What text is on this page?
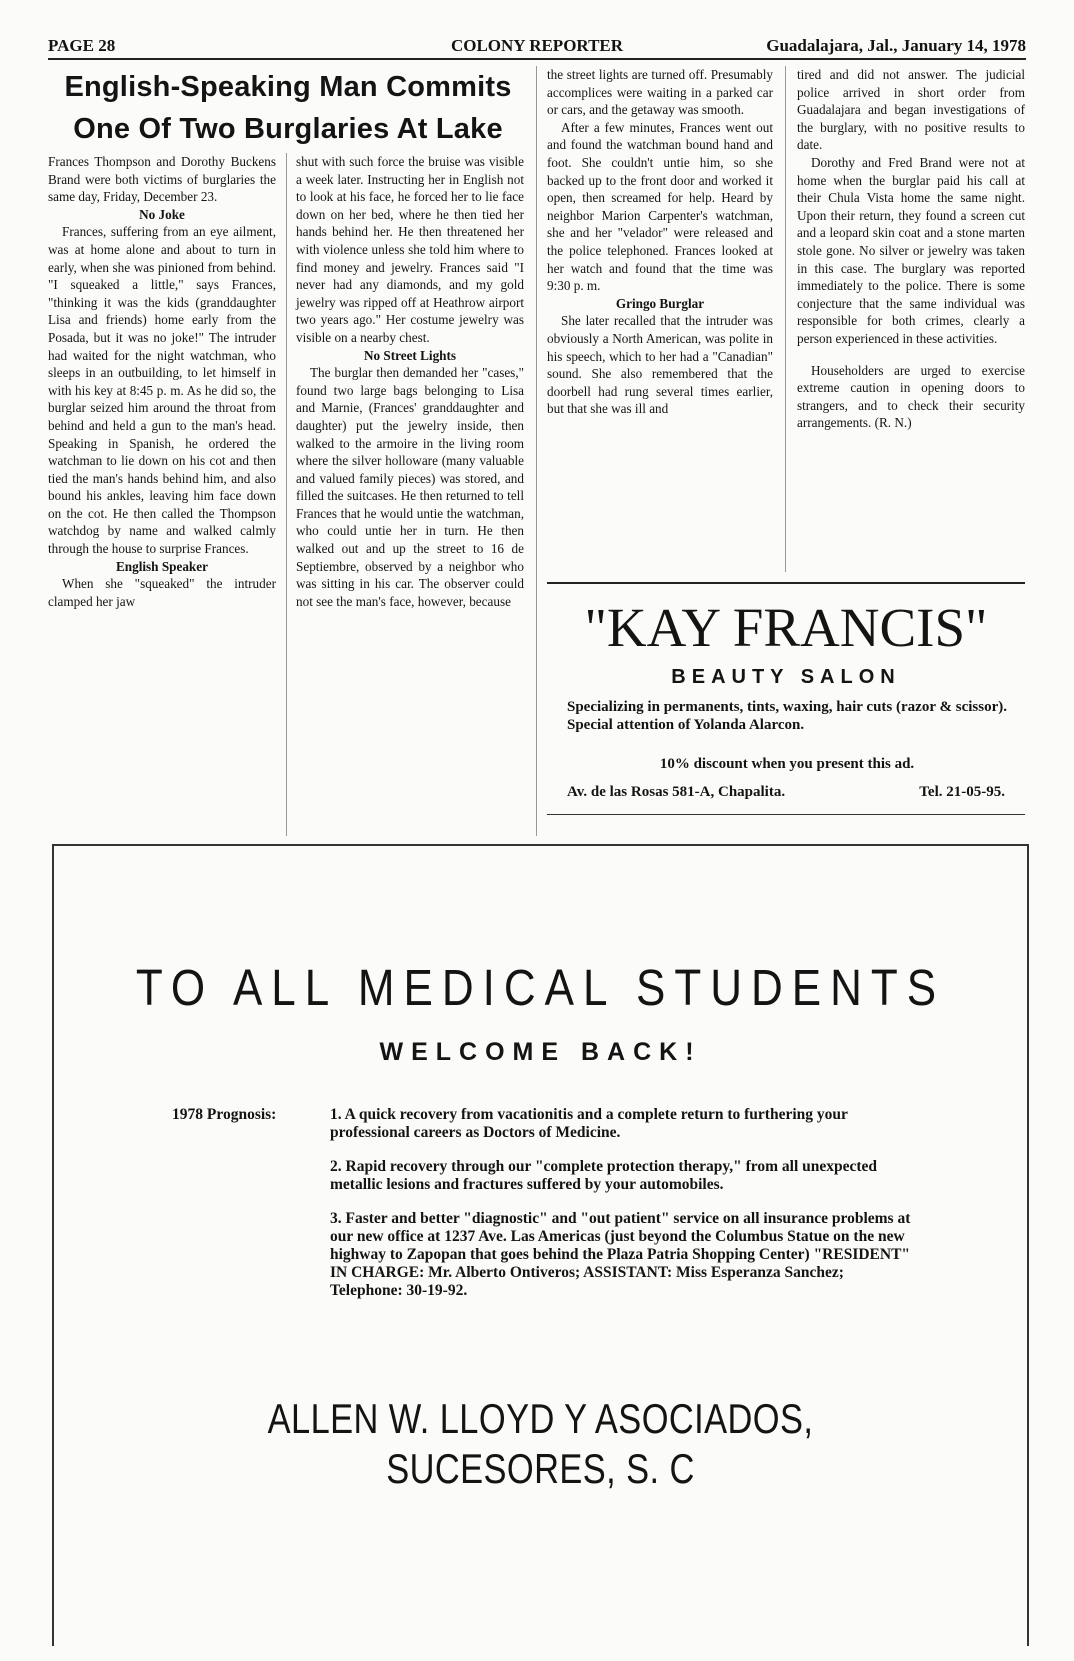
COLONY REPORTER
PAGE 28	Guadalajara, Jal., January 14, 1978
English-Speaking Man Commits
One Of Two Burglaries At Lake

Frances Thompson and Dorothy Buckens Brand were both victims of burglaries the same day, Friday, December 23.

No Joke

Frances, suffering from an eye ailment, was at home alone and about to turn in early, when she was pinioned from behind. "I squeaked a little," says Frances, "thinking it was the kids (granddaughter Lisa and friends) home early from the Posada, but it was no joke!" The intruder had waited for the night watchman, who sleeps in an outbuilding, to let himself in with his key at 8:45 p. m. As he did so, the burglar seized him around the throat from behind and held a gun to the man's head. Speaking in Spanish, he ordered the watchman to lie down on his cot and then tied the man's hands behind him, and also bound his ankles, leaving him face down on the cot. He then called the Thompson watchdog by name and walked calmly through the house to surprise Frances.

English Speaker

When she "squeaked" the intruder clamped her jaw

shut with such force the bruise was visible a week later. Instructing her in English not to look at his face, he forced her to lie face down on her bed, where he then tied her hands behind her. He then threatened her with violence unless she told him where to find money and jewelry. Frances said "I never had any diamonds, and my gold jewelry was ripped off at Heathrow airport two years ago." Her costume jewelry was visible on a nearby chest.

No Street Lights

The burglar then demanded her "cases," found two large bags belonging to Lisa and Marnie, (Frances' granddaughter and daughter) put the jewelry inside, then walked to the armoire in the living room where the silver holloware (many valuable and valued family pieces) was stored, and filled the suitcases. He then returned to tell Frances that he would untie the watchman, who could untie her in turn. He then walked out and up the street to 16 de Septiembre, observed by a neighbor who was sitting in his car. The observer could not see the man's face, however, because

the street lights are turned off. Presumably accomplices were waiting in a parked car or cars, and the getaway was smooth.

After a few minutes, Frances went out and found the watchman bound hand and foot. She couldn't untie him, so she backed up to the front door and worked it open, then screamed for help. Heard by neighbor Marion Carpenter's watchman, she and her "velador" were released and the police telephoned. Frances looked at her watch and found that the time was 9:30 p. m.

Gringo Burglar

She later recalled that the intruder was obviously a North American, was polite in his speech, which to her had a "Canadian" sound. She also remembered that the doorbell had rung several times earlier, but that she was ill and

tired and did not answer. The judicial police arrived in short order from Guadalajara and began investigations of the burglary, with no positive results to date.

Dorothy and Fred Brand were not at home when the burglar paid his call at their Chula Vista home the same night. Upon their return, they found a screen cut and a leopard skin coat and a stone marten stole gone. No silver or jewelry was taken in this case. The burglary was reported immediately to the police. There is some conjecture that the same individual was responsible for both crimes, clearly a person experienced in these activities.

Householders are urged to exercise extreme caution in opening doors to strangers, and to check their security arrangements. (R. N.)

"KAY FRANCIS"
BEAUTY SALON
Specializing in permanents, tints, waxing, hair cuts (razor & scissor). Special attention of Yolanda Alarcon.
10% discount when you present this ad.
Av. de las Rosas 581-A, Chapalita.	Tel. 21-05-95.
TO ALL MEDICAL STUDENTS
WELCOME BACK!
1978 Prognosis:	1. A quick recovery from vacationitis and a complete return to furthering your professional careers as Doctors of Medicine.
2. Rapid recovery through our "complete protection therapy," from all unexpected metallic lesions and fractures suffered by your automobiles.
3. Faster and better "diagnostic" and "out patient" service on all insurance problems at our new office at 1237 Ave. Las Americas (just beyond the Columbus Statue on the new highway to Zapopan that goes behind the Plaza Patria Shopping Center) "RESIDENT" IN CHARGE: Mr. Alberto Ontiveros; ASSISTANT: Miss Esperanza Sanchez; Telephone: 30-19-92.
ALLEN W. LLOYD Y ASOCIADOS,
SUCESORES, S. C
